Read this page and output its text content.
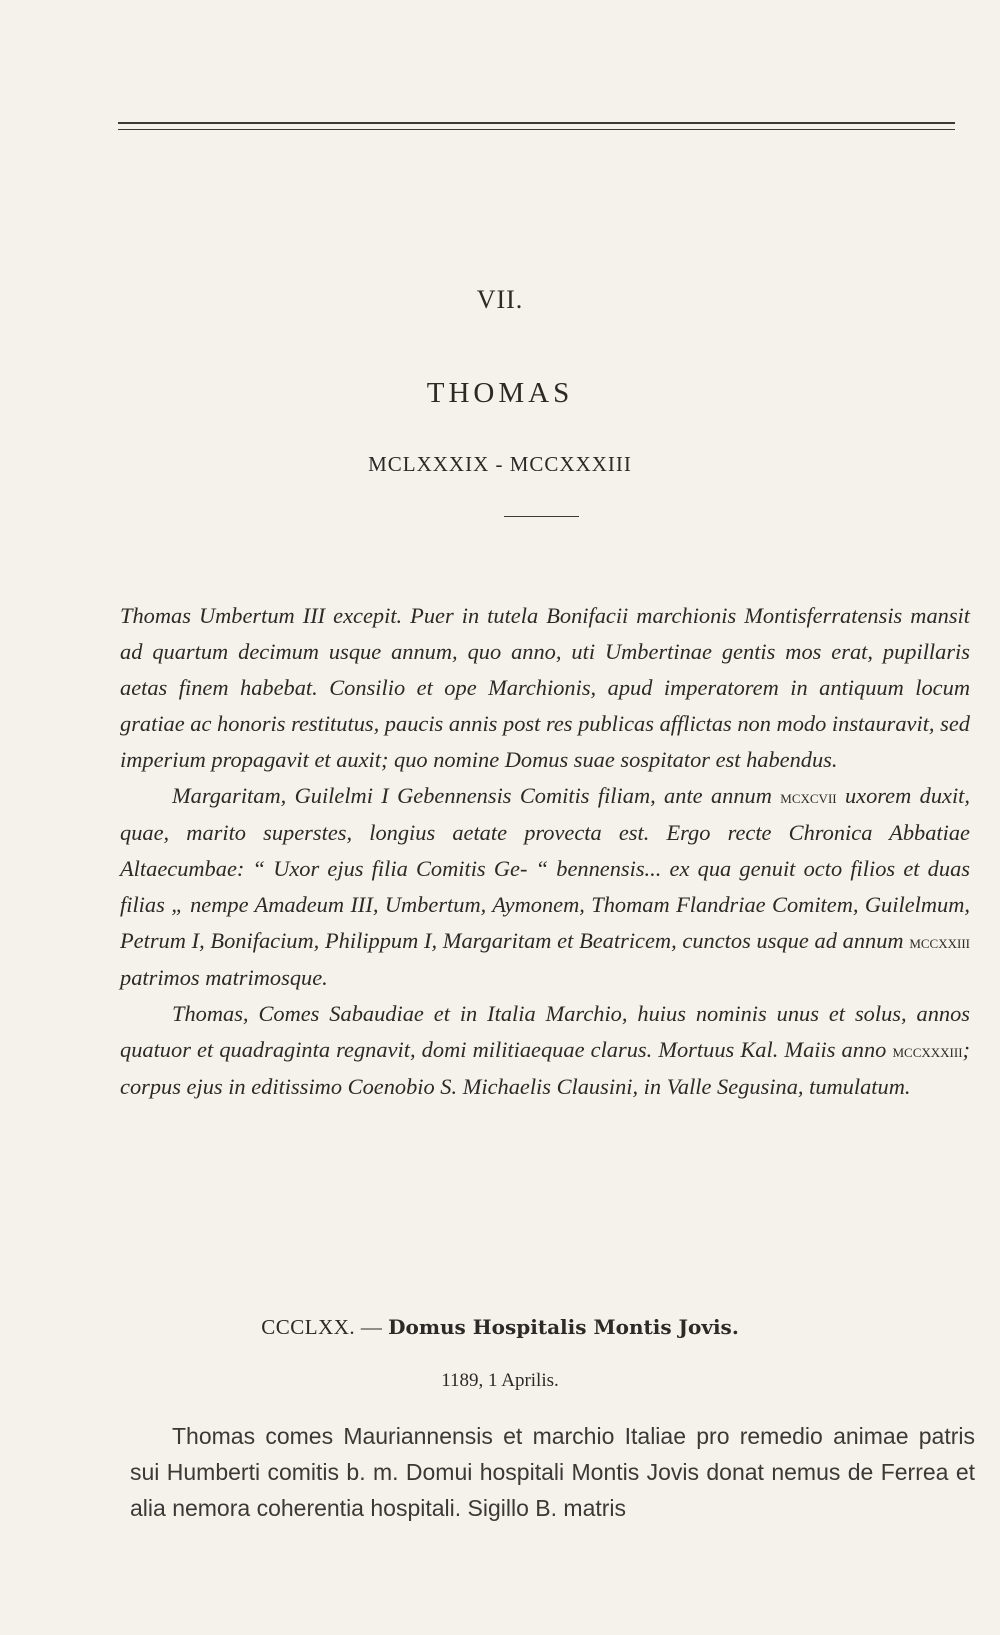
VII.
THOMAS
MCLXXXIX - MCCXXXIII

Thomas Umbertum III excepit. Puer in tutela Bonifacii marchionis Montisferratensis mansit ad quartum decimum usque annum, quo anno, uti Umbertinae gentis mos erat, pupillaris aetas finem habebat. Consilio et ope Marchionis, apud imperatorem in antiquum locum gratiae ac honoris restitutus, paucis annis post res publicas afflictas non modo instauravit, sed imperium propagavit et auxit; quo nomine Domus suae sospitator est habendus.

Margaritam, Guilelmi I Gebennensis Comitis filiam, ante annum mcxcvii uxorem duxit, quae, marito superstes, longius aetate provecta est. Ergo recte Chronica Abbatiae Altaecumbae: “ Uxor ejus filia Comitis Ge- “ bennensis... ex qua genuit octo filios et duas filias „ nempe Amadeum III, Umbertum, Aymonem, Thomam Flandriae Comitem, Guilelmum, Petrum I, Bonifacium, Philippum I, Margaritam et Beatricem, cunctos usque ad annum mccxxiii patrimos matrimosque.

Thomas, Comes Sabaudiae et in Italia Marchio, huius nominis unus et solus, annos quatuor et quadraginta regnavit, domi militiaequae clarus. Mortuus Kal. Maiis anno mccxxxiii; corpus ejus in editissimo Coenobio S. Michaelis Clausini, in Valle Segusina, tumulatum.

CCCLXX. — Domus Hospitalis Montis Jovis.
1189, 1 Aprilis.
Thomas comes Mauriannensis et marchio Italiae pro remedio animae patris sui Humberti comitis b. m. Domui hospitali Montis Jovis donat nemus de Ferrea et alia nemora coherentia hospitali. Sigillo B. matris
